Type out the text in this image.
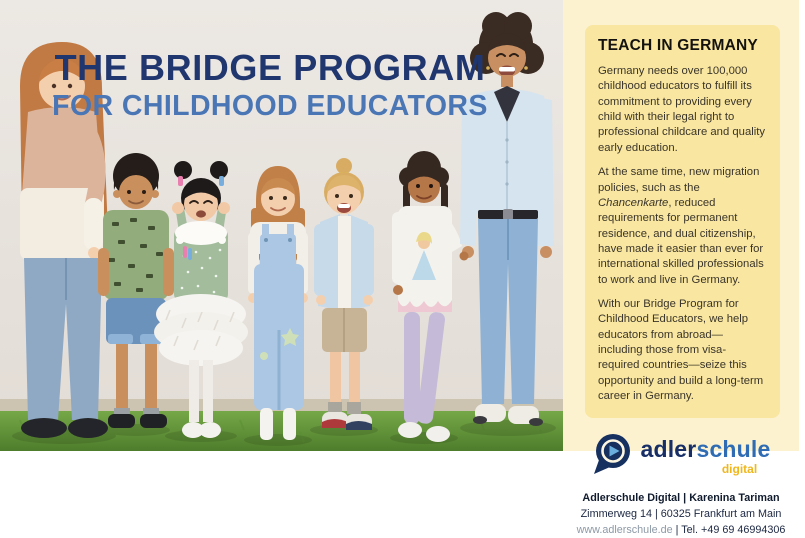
THE BRIDGE PROGRAM
FOR CHILDHOOD EDUCATORS
TEACH IN GERMANY

Germany needs over 100,000 childhood educators to fulfill its commitment to providing every child with their legal right to professional childcare and quality early education.

At the same time, new migration policies, such as the Chancenkarte, reduced requirements for permanent residence, and dual citizenship, have made it easier than ever for international skilled professionals to work and live in Germany.

With our Bridge Program for Childhood Educators, we help educators from abroad—including those from visa-required countries—seize this opportunity and build a long-term career in Germany.

adlerschule
digital
Adlerschule Digital | Karenina Tariman
Zimmerweg 14 | 60325 Frankfurt am Main
www.adlerschule.de | Tel. +49 69 46994306
